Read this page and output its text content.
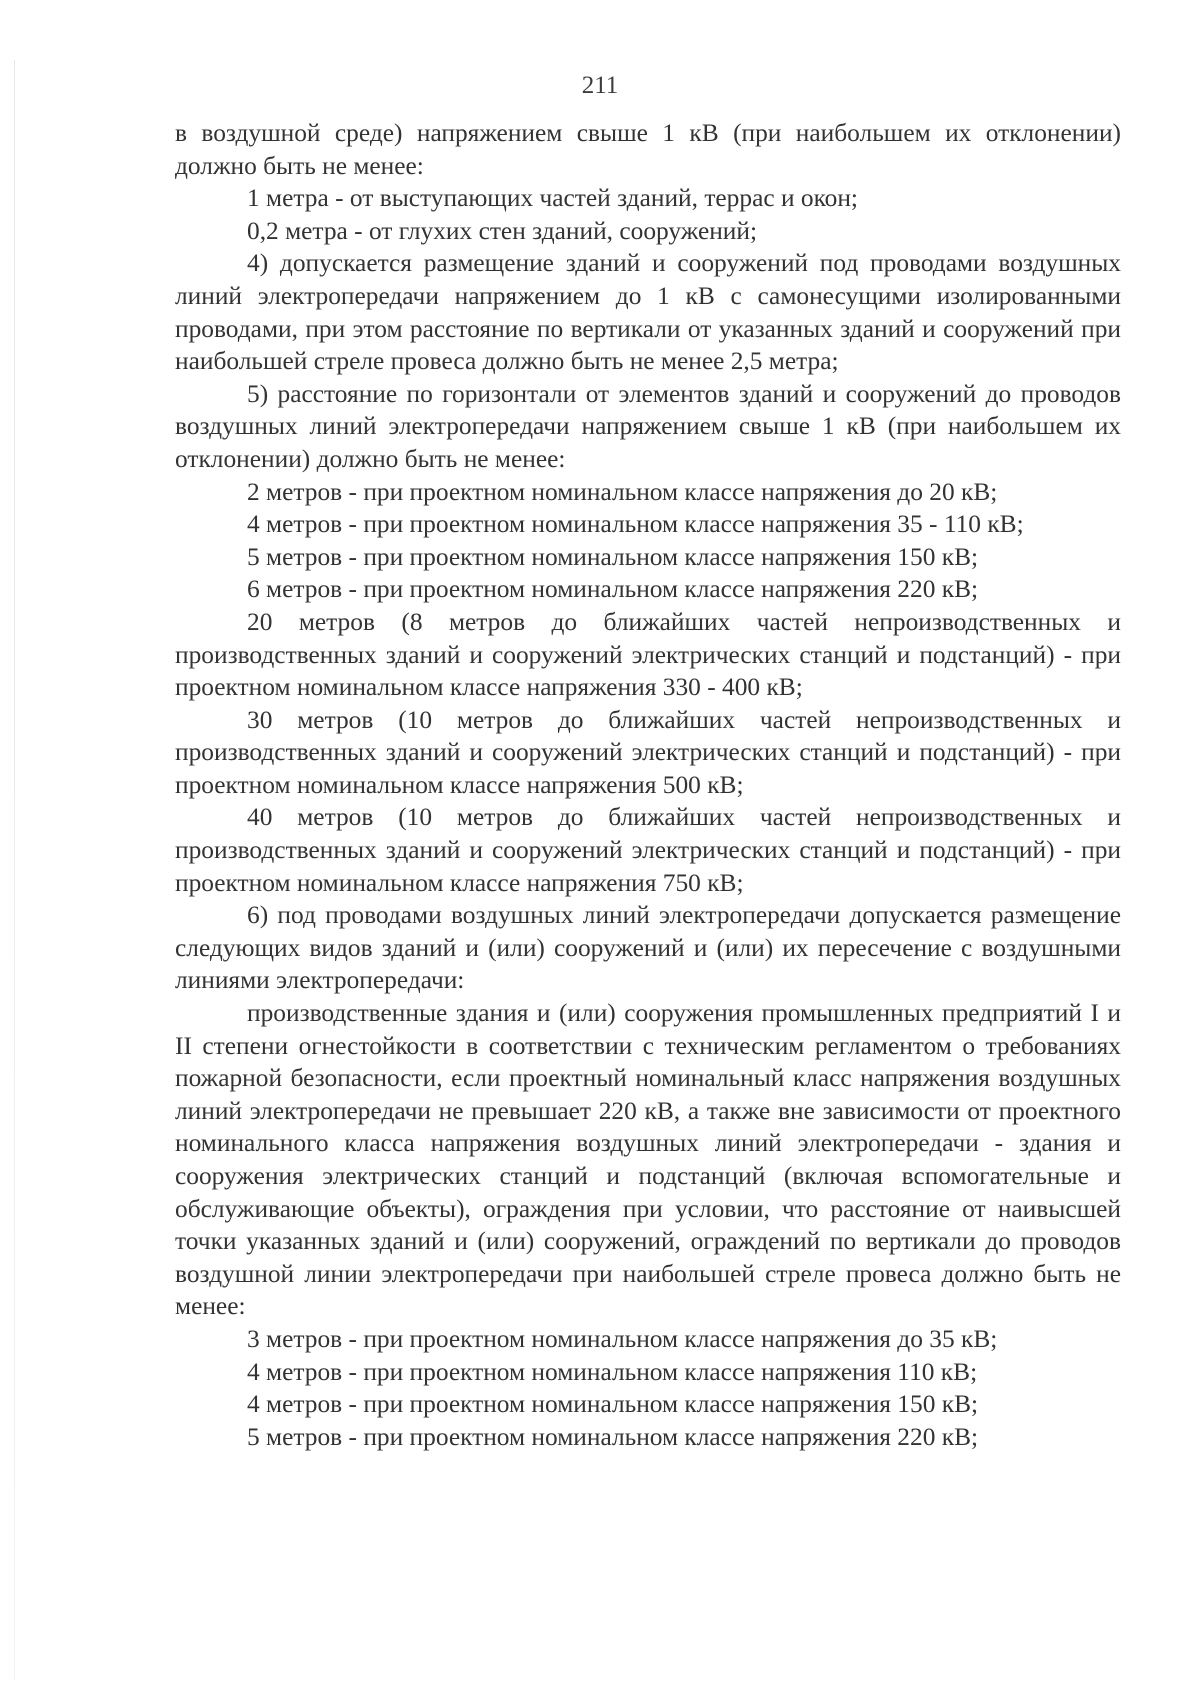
211

в воздушной среде) напряжением свыше 1 кВ (при наибольшем их отклонении) должно быть не менее:

1 метра - от выступающих частей зданий, террас и окон;

0,2 метра - от глухих стен зданий, сооружений;

4) допускается размещение зданий и сооружений под проводами воздушных линий электропередачи напряжением до 1 кВ с самонесущими изолированными проводами, при этом расстояние по вертикали от указанных зданий и сооружений при наибольшей стреле провеса должно быть не менее 2,5 метра;

5) расстояние по горизонтали от элементов зданий и сооружений до проводов воздушных линий электропередачи напряжением свыше 1 кВ (при наибольшем их отклонении) должно быть не менее:

2 метров - при проектном номинальном классе напряжения до 20 кВ;

4 метров - при проектном номинальном классе напряжения 35 - 110 кВ;

5 метров - при проектном номинальном классе напряжения 150 кВ;

6 метров - при проектном номинальном классе напряжения 220 кВ;

20 метров (8 метров до ближайших частей непроизводственных и производственных зданий и сооружений электрических станций и подстанций) - при проектном номинальном классе напряжения 330 - 400 кВ;

30 метров (10 метров до ближайших частей непроизводственных и производственных зданий и сооружений электрических станций и подстанций) - при проектном номинальном классе напряжения 500 кВ;

40 метров (10 метров до ближайших частей непроизводственных и производственных зданий и сооружений электрических станций и подстанций) - при проектном номинальном классе напряжения 750 кВ;

6) под проводами воздушных линий электропередачи допускается размещение следующих видов зданий и (или) сооружений и (или) их пересечение с воздушными линиями электропередачи:

производственные здания и (или) сооружения промышленных предприятий I и II степени огнестойкости в соответствии с техническим регламентом о требованиях пожарной безопасности, если проектный номинальный класс напряжения воздушных линий электропередачи не превышает 220 кВ, а также вне зависимости от проектного номинального класса напряжения воздушных линий электропередачи - здания и сооружения электрических станций и подстанций (включая вспомогательные и обслуживающие объекты), ограждения при условии, что расстояние от наивысшей точки указанных зданий и (или) сооружений, ограждений по вертикали до проводов воздушной линии электропередачи при наибольшей стреле провеса должно быть не менее:

3 метров - при проектном номинальном классе напряжения до 35 кВ;

4 метров - при проектном номинальном классе напряжения 110 кВ;

4 метров - при проектном номинальном классе напряжения 150 кВ;

5 метров - при проектном номинальном классе напряжения 220 кВ;
